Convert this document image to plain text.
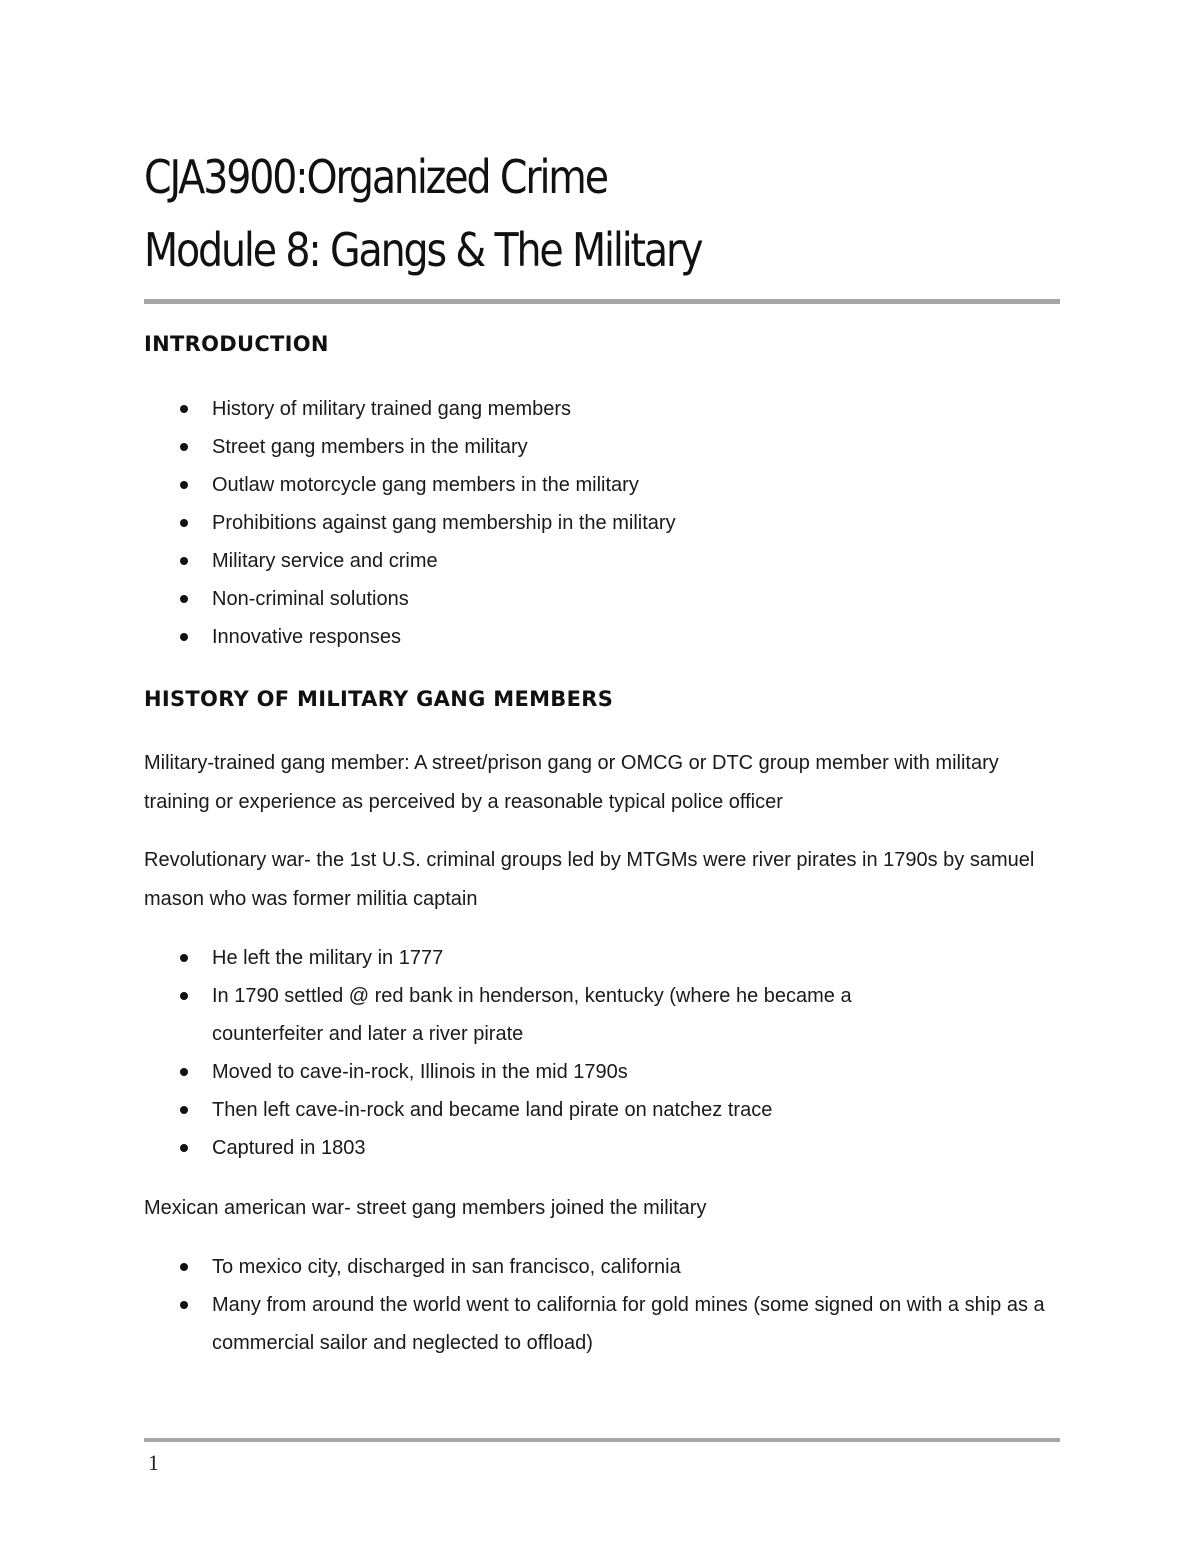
CJA3900:Organized Crime
Module 8: Gangs & The Military
INTRODUCTION
History of military trained gang members
Street gang members in the military
Outlaw motorcycle gang members in the military
Prohibitions against gang membership in the military
Military service and crime
Non-criminal solutions
Innovative responses
HISTORY OF MILITARY GANG MEMBERS

Military-trained gang member: A street/prison gang or OMCG or DTC group member with military training or experience as perceived by a reasonable typical police officer

Revolutionary war- the 1st U.S. criminal groups led by MTGMs were river pirates in 1790s by samuel mason who was former militia captain

He left the military in 1777
In 1790 settled @ red bank in henderson, kentucky (where he became a counterfeiter and later a river pirate
Moved to cave-in-rock, Illinois in the mid 1790s
Then left cave-in-rock and became land pirate on natchez trace
Captured in 1803

Mexican american war- street gang members joined the military

To mexico city, discharged in san francisco, california
Many from around the world went to california for gold mines (some signed on with a ship as a commercial sailor and neglected to offload)
1
